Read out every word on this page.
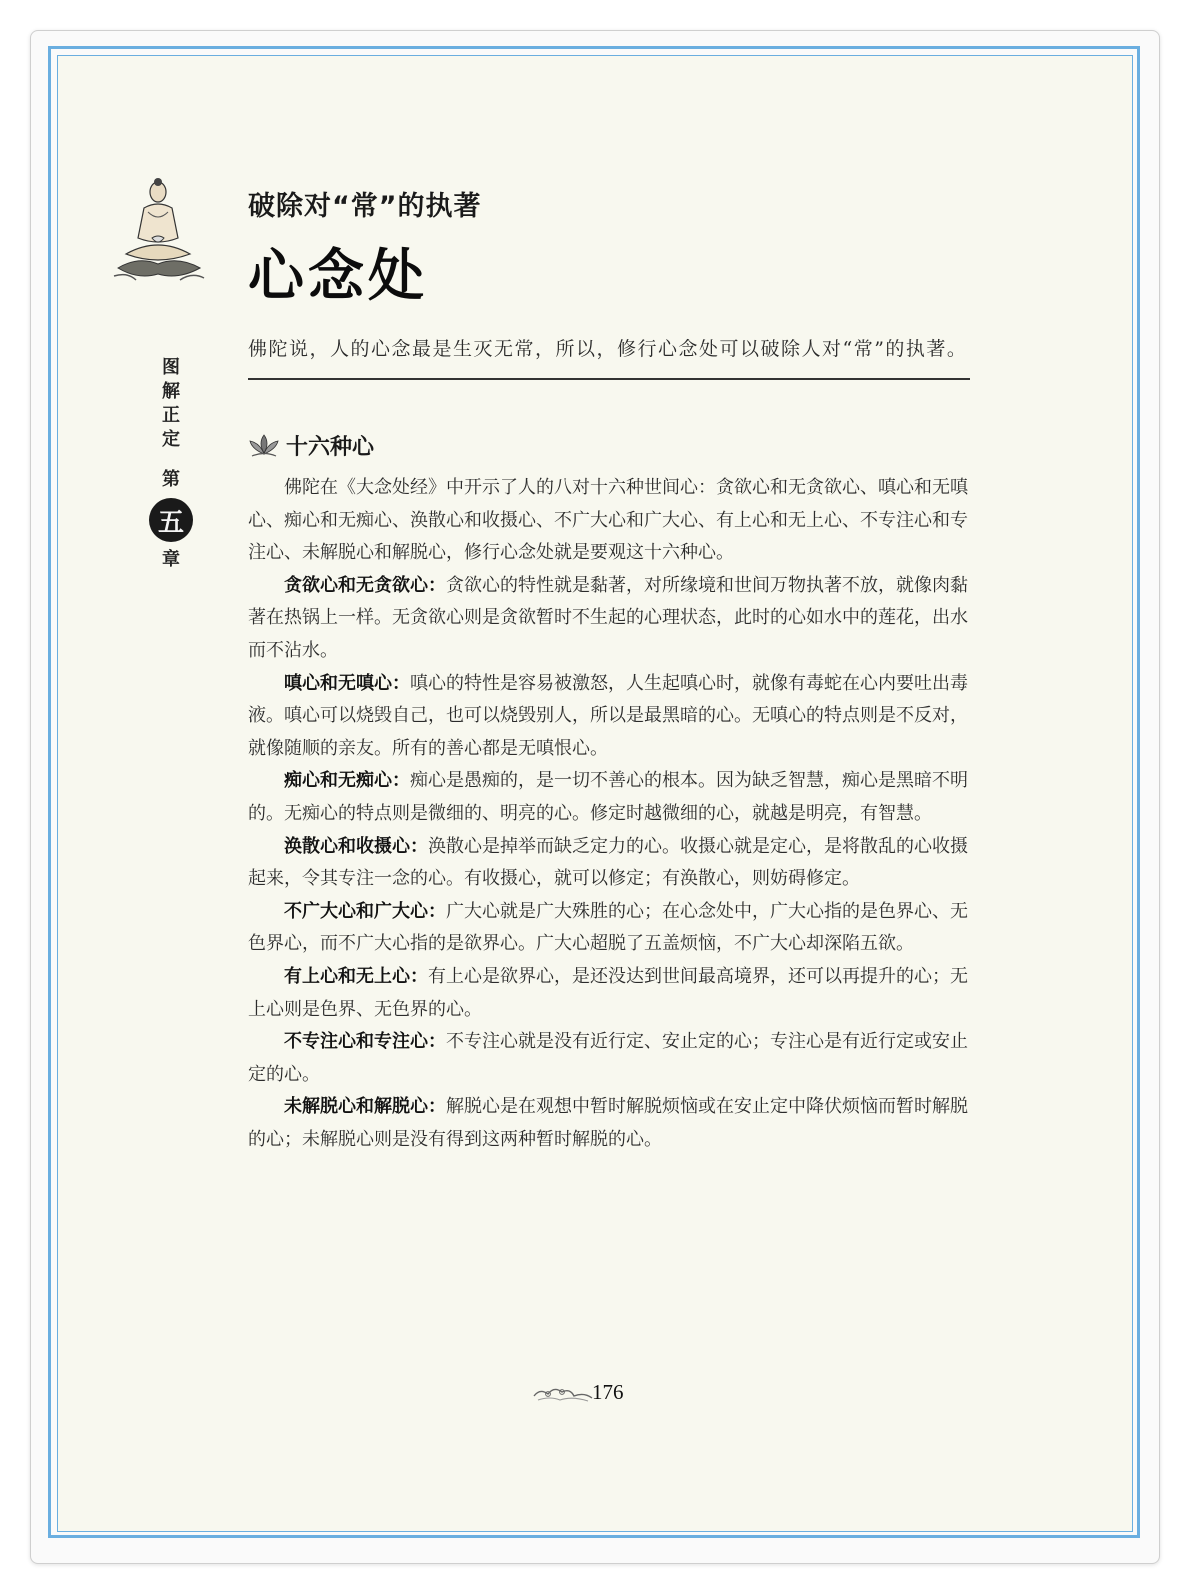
破除对“常”的执著
心念处
佛陀说，人的心念最是生灭无常，所以，修行心念处可以破除人对“常”的执著。
图
解
正
定
第
五
章
十六种心

佛陀在《大念处经》中开示了人的八对十六种世间心：贪欲心和无贪欲心、嗔心和无嗔心、痴心和无痴心、涣散心和收摄心、不广大心和广大心、有上心和无上心、不专注心和专注心、未解脱心和解脱心，修行心念处就是要观这十六种心。

贪欲心和无贪欲心：贪欲心的特性就是黏著，对所缘境和世间万物执著不放，就像肉黏著在热锅上一样。无贪欲心则是贪欲暂时不生起的心理状态，此时的心如水中的莲花，出水而不沾水。

嗔心和无嗔心：嗔心的特性是容易被激怒，人生起嗔心时，就像有毒蛇在心内要吐出毒液。嗔心可以烧毁自己，也可以烧毁别人，所以是最黑暗的心。无嗔心的特点则是不反对，就像随顺的亲友。所有的善心都是无嗔恨心。

痴心和无痴心：痴心是愚痴的，是一切不善心的根本。因为缺乏智慧，痴心是黑暗不明的。无痴心的特点则是微细的、明亮的心。修定时越微细的心，就越是明亮，有智慧。

涣散心和收摄心：涣散心是掉举而缺乏定力的心。收摄心就是定心，是将散乱的心收摄起来，令其专注一念的心。有收摄心，就可以修定；有涣散心，则妨碍修定。

不广大心和广大心：广大心就是广大殊胜的心；在心念处中，广大心指的是色界心、无色界心，而不广大心指的是欲界心。广大心超脱了五盖烦恼，不广大心却深陷五欲。

有上心和无上心：有上心是欲界心，是还没达到世间最高境界，还可以再提升的心；无上心则是色界、无色界的心。

不专注心和专注心：不专注心就是没有近行定、安止定的心；专注心是有近行定或安止定的心。

未解脱心和解脱心：解脱心是在观想中暂时解脱烦恼或在安止定中降伏烦恼而暂时解脱的心；未解脱心则是没有得到这两种暂时解脱的心。

176
